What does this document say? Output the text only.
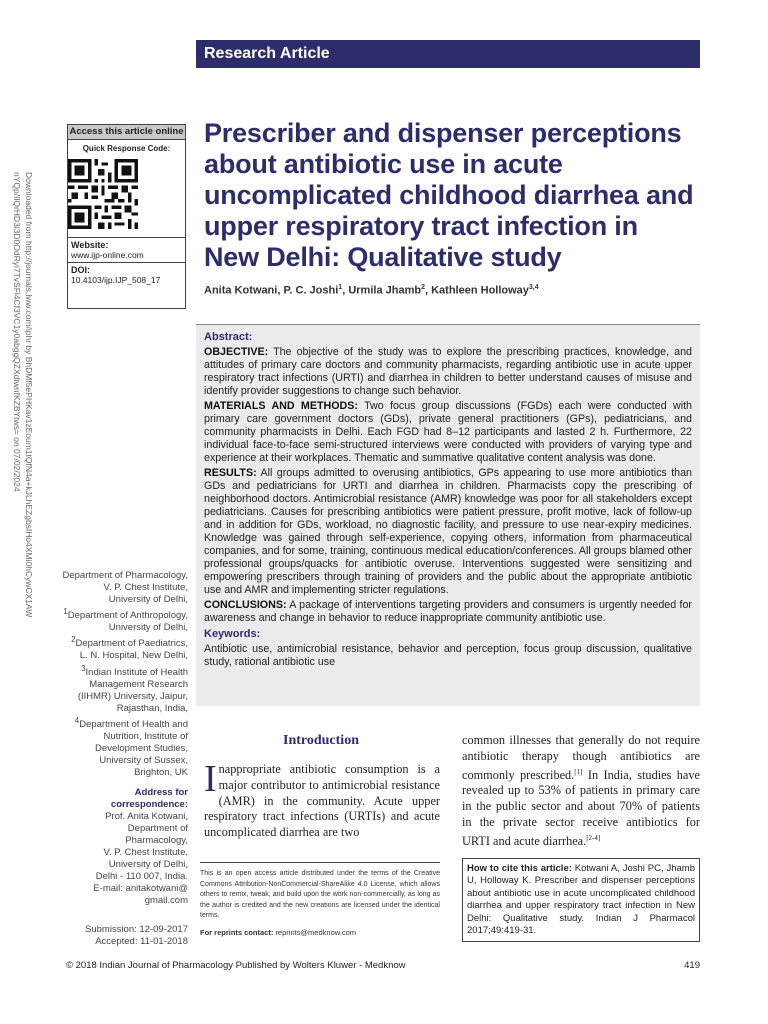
Research Article
Downloaded from http://journals.lww.com/iphr by BhDMf5ePHKav1zEoum1tQfN4a+kJLhEZgbsIHo4XMi0hCywCX1AW
nYQp/IlQrHD3i3D0OdRyi7TvSFl4Cf3VC1y0abggQZXdtwnfKZBYtws= on 07/02/2024
Access this article online
Quick Response Code:
Website:
www.ijp-online.com
DOI:
10.4103/ijp.IJP_508_17
Prescriber and dispenser perceptions about antibiotic use in acute uncomplicated childhood diarrhea and upper respiratory tract infection in New Delhi: Qualitative study
Anita Kotwani, P. C. Joshi$^1$, Urmila Jhamb$^2$, Kathleen Holloway$^{3,4}$
Abstract:

OBJECTIVE: The objective of the study was to explore the prescribing practices, knowledge, and attitudes of primary care doctors and community pharmacists, regarding antibiotic use in acute upper respiratory tract infections (URTI) and diarrhea in children to better understand causes of misuse and identify provider suggestions to change such behavior.

MATERIALS AND METHODS: Two focus group discussions (FGDs) each were conducted with primary care government doctors (GDs), private general practitioners (GPs), pediatricians, and community pharmacists in Delhi. Each FGD had 8–12 participants and lasted 2 h. Furthermore, 22 individual face-to-face semi-structured interviews were conducted with providers of varying type and experience at their workplaces. Thematic and summative qualitative content analysis was done.

RESULTS: All groups admitted to overusing antibiotics, GPs appearing to use more antibiotics than GDs and pediatricians for URTI and diarrhea in children. Pharmacists copy the prescribing of neighborhood doctors. Antimicrobial resistance (AMR) knowledge was poor for all stakeholders except pediatricians. Causes for prescribing antibiotics were patient pressure, profit motive, lack of follow-up and in addition for GDs, workload, no diagnostic facility, and pressure to use near-expiry medicines. Knowledge was gained through self-experience, copying others, information from pharmaceutical companies, and for some, training, continuous medical education/conferences. All groups blamed other professional groups/quacks for antibiotic overuse. Interventions suggested were sensitizing and empowering prescribers through training of providers and the public about the appropriate antibiotic use and AMR and implementing stricter regulations.

CONCLUSIONS: A package of interventions targeting providers and consumers is urgently needed for awareness and change in behavior to reduce inappropriate community antibiotic use.

Keywords:

Antibiotic use, antimicrobial resistance, behavior and perception, focus group discussion, qualitative study, rational antibiotic use

Department of Pharmacology, V. P. Chest Institute, University of Delhi, $^1$Department of Anthropology, University of Delhi, $^2$Department of Paediatrics, L. N. Hospital, New Delhi, $^3$Indian Institute of Health Management Research (IIHMR) University, Jaipur, Rajasthan, India, $^4$Department of Health and Nutrition, Institute of Development Studies, University of Sussex, Brighton, UK
Address for correspondence:
Prof. Anita Kotwani,
Department of
Pharmacology,
V. P. Chest Institute,
University of Delhi,
Delhi - 110 007, India.
E-mail: anitakotwani@
gmail.com
Introduction
Inappropriate antibiotic consumption is a major contributor to antimicrobial resistance (AMR) in the community. Acute upper respiratory tract infections (URTIs) and acute uncomplicated diarrhea are two
common illnesses that generally do not require antibiotic therapy though antibiotics are commonly prescribed.[1] In India, studies have revealed up to 53% of patients in primary care in the public sector and about 70% of patients in the private sector receive antibiotics for URTI and acute diarrhea.[2-4]
This is an open access article distributed under the terms of the Creative Commons Attribution-NonCommercial-ShareAlike 4.0 License, which allows others to remix, tweak, and build upon the work non-commercially, as long as the author is credited and the new creations are licensed under the identical terms.
For reprints contact: reprints@medknow.com
How to cite this article: Kotwani A, Joshi PC, Jhamb U, Holloway K. Prescriber and dispenser perceptions about antibiotic use in acute uncomplicated childhood diarrhea and upper respiratory tract infection in New Delhi: Qualitative study. Indian J Pharmacol 2017;49:419-31.
Submission: 12-09-2017
Accepted: 11-01-2018
© 2018 Indian Journal of Pharmacology Published by Wolters Kluwer - Medknow	419
